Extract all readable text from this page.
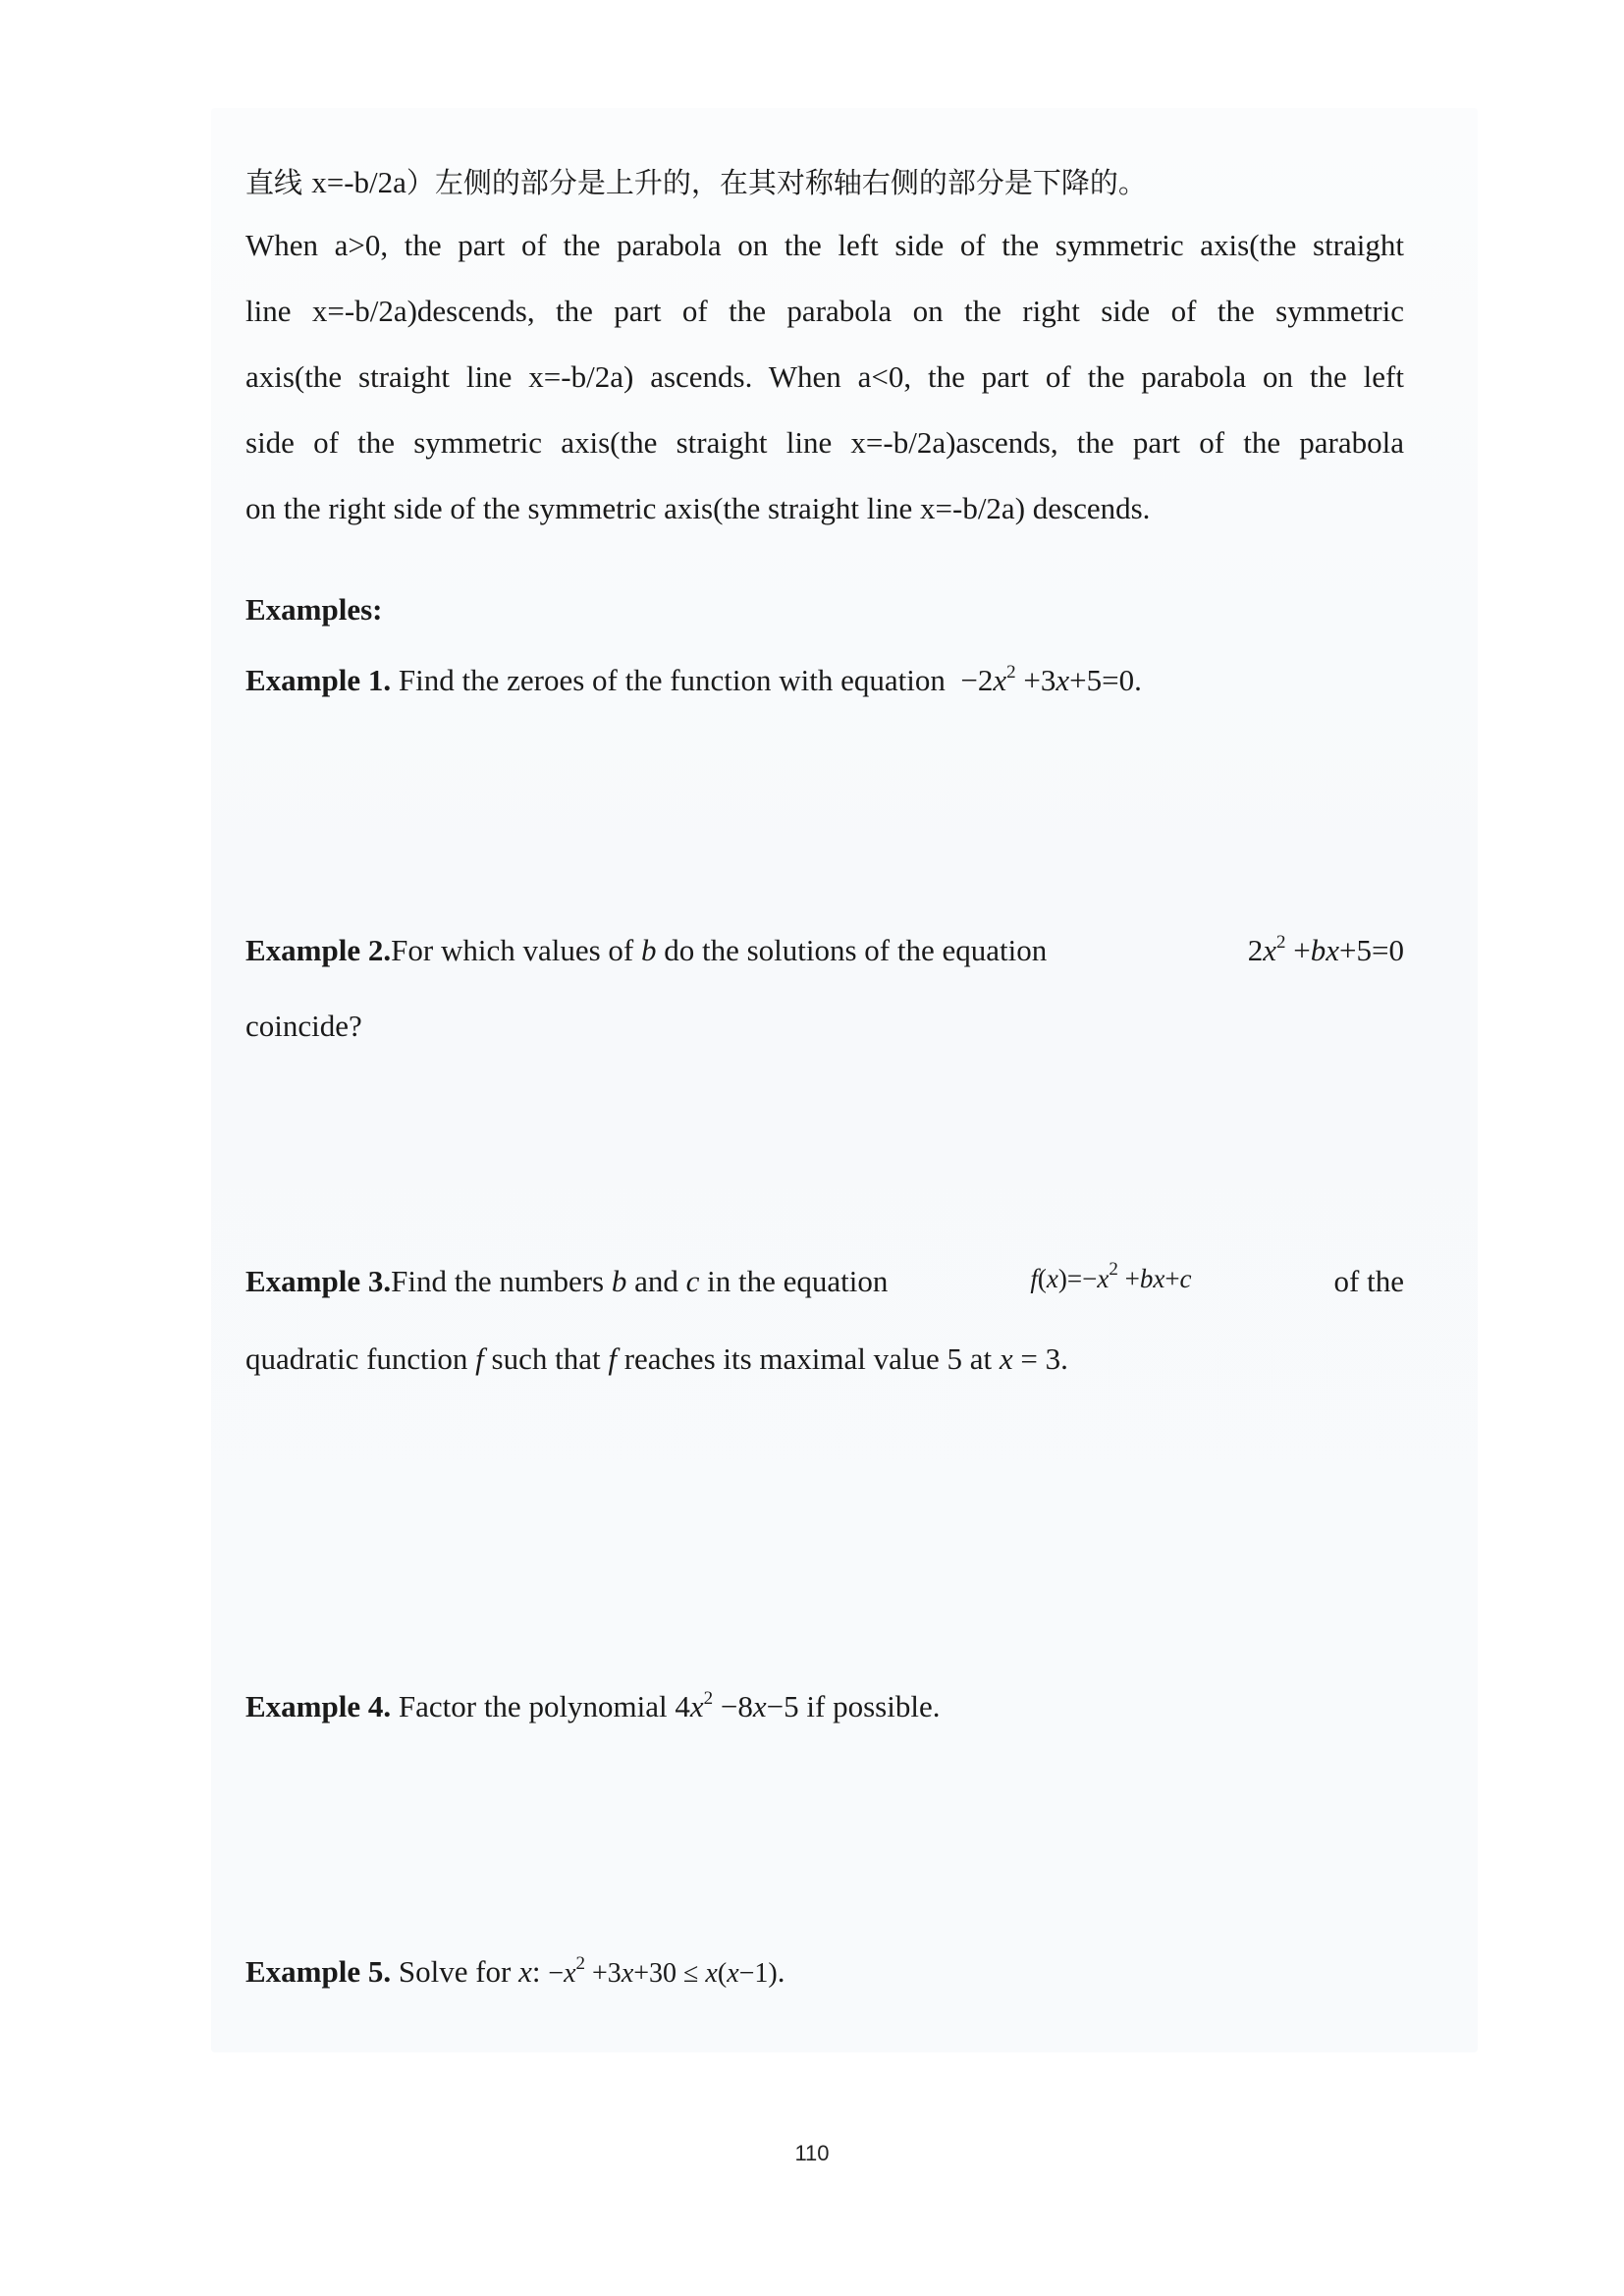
直线 x=-b/2a）左侧的部分是上升的，在其对称轴右侧的部分是下降的。
When a>0, the part of the parabola on the left side of the symmetric axis(the straight
line x=-b/2a)descends, the part of the parabola on the right side of the symmetric
axis(the straight line x=-b/2a) ascends. When a<0, the part of the parabola on the left
side of the symmetric axis(the straight line x=-b/2a)ascends, the part of the parabola
on the right side of the symmetric axis(the straight line x=-b/2a) descends.
Examples:
Example 1. Find the zeroes of the function with equation  $-2x^2 +3x+5=0$.
Example 2.For which values of b do the solutions of the equation	$2x^2 +bx+5=0$
coincide?
Example 3.Find the numbers b and c in the equation	$f(x)=-x^2 +bx+c$	of the
quadratic function f such that f reaches its maximal value 5 at x = 3.
Example 4. Factor the polynomial $4x^2 -8x-5$ if possible.
Example 5. Solve for x: $-x^2 +3x+30 \le x(x-1)$.
110
